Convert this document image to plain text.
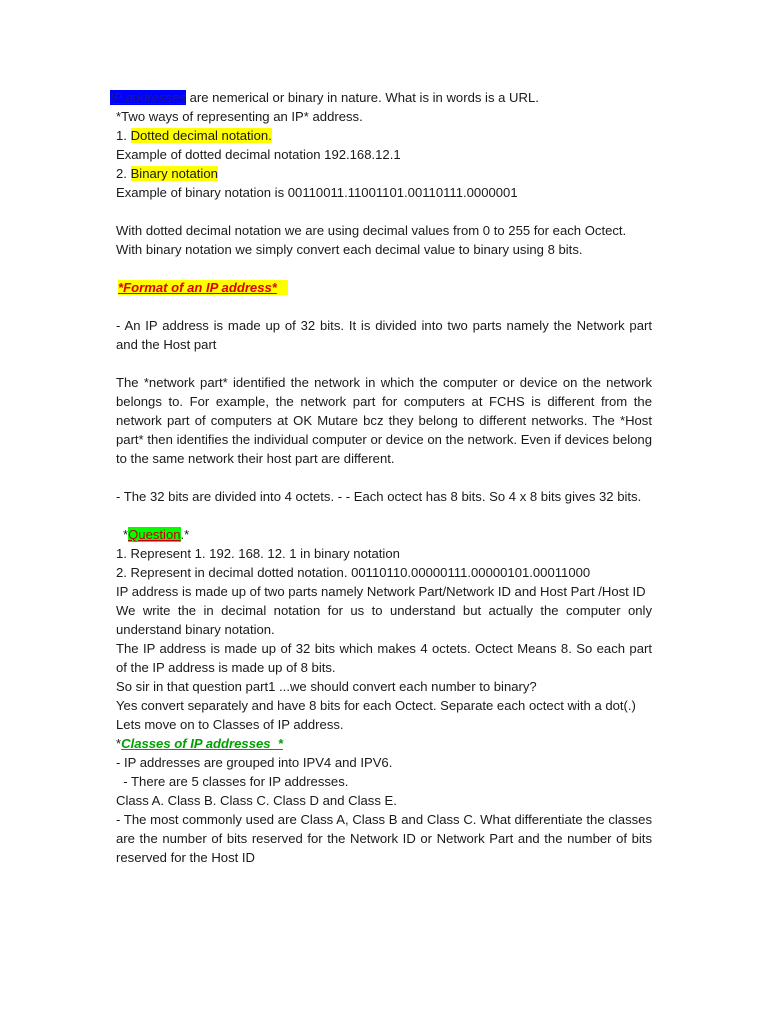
IP addresses are nemerical or binary in nature. What is in words is a URL.
*Two ways of representing an IP* address.
1. Dotted decimal notation.
Example of dotted decimal notation 192.168.12.1
2. Binary notation
Example of binary notation is 00110011.11001101.00110111.0000001
With dotted decimal notation we are using decimal values from 0 to 255 for each Octect.
With binary notation we simply convert each decimal value to binary using 8 bits.
*Format of an IP address*
- An IP address is made up of 32 bits. It is divided into two parts namely the Network part and the Host part
The *network part* identified the network in which the computer or device on the network belongs to. For example, the network part for computers at FCHS is different from the network part of computers at OK Mutare bcz they belong to different networks. The *Host part* then identifies the individual computer or device on the network. Even if devices belong to the same network their host part are different.
- The 32 bits are divided into 4 octets. - - Each octect has 8 bits. So 4 x 8 bits gives 32 bits.
*Question.*
1. Represent 1. 192. 168. 12. 1 in binary notation
2. Represent in decimal dotted notation. 00110110.00000111.00000101.00011000
IP address is made up of two parts namely Network Part/Network ID and Host Part /Host ID
We write the in decimal notation for us to understand but actually the computer only understand binary notation.
The IP address is made up of 32 bits which makes 4 octets. Octect Means 8. So each part of the IP address is made up of 8 bits.
So sir in that question part1 ...we should convert each number to binary?
Yes convert separately and have 8 bits for each Octect. Separate each octect with a dot(.)
Lets move on to Classes of IP address.
*Classes of IP addresses_*
- IP addresses are grouped into IPV4 and IPV6.
- There are 5 classes for IP addresses.
Class A. Class B. Class C. Class D and Class E.
- The most commonly used are Class A, Class B and Class C. What differentiate the classes are the number of bits reserved for the Network ID or Network Part and the number of bits reserved for the Host ID
